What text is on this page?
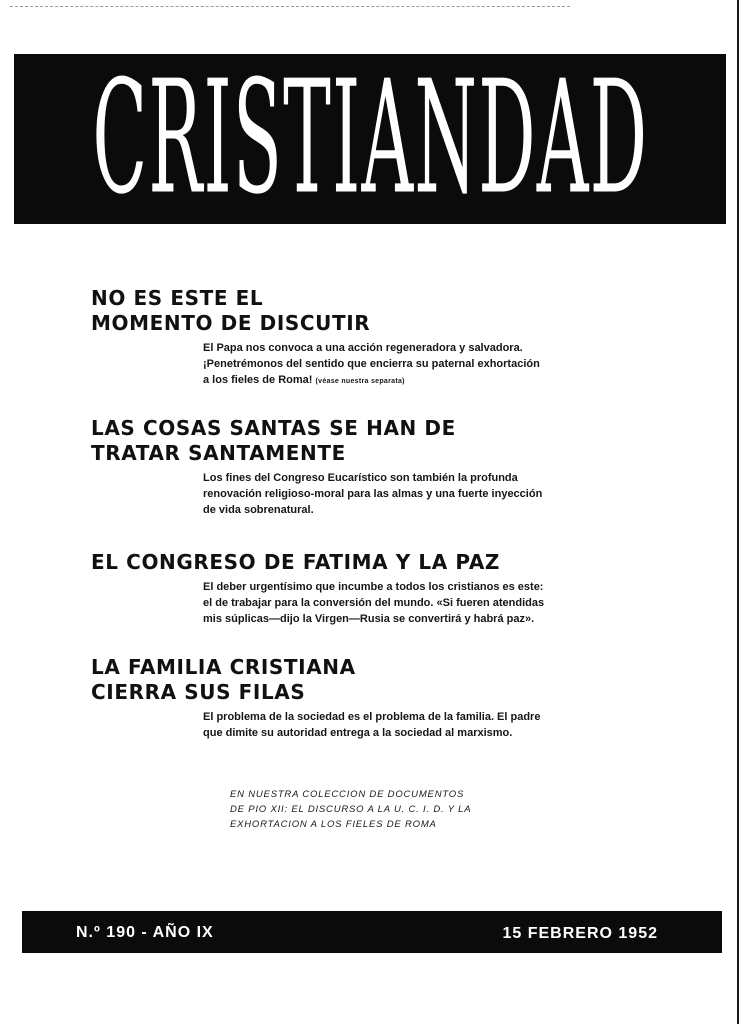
CRISTIANDAD
NO ES ESTE EL
MOMENTO DE DISCUTIR
El Papa nos convoca a una acción regeneradora y salvadora.
¡Penetrémonos del sentido que encierra su paternal exhortación
a los fieles de Roma! (véase nuestra separata)
LAS COSAS SANTAS SE HAN DE
TRATAR SANTAMENTE
Los fines del Congreso Eucarístico son también la profunda
renovación religioso-moral para las almas y una fuerte inyección
de vida sobrenatural.
EL CONGRESO DE FATIMA Y LA PAZ
El deber urgentísimo que incumbe a todos los cristianos es este:
el de trabajar para la conversión del mundo. «Si fueren atendidas
mis súplicas—dijo la Virgen—Rusia se convertirá y habrá paz».
LA FAMILIA CRISTIANA
CIERRA SUS FILAS
El problema de la sociedad es el problema de la familia. El padre
que dimite su autoridad entrega a la sociedad al marxismo.
EN NUESTRA COLECCION DE DOCUMENTOS
DE PIO XII: EL DISCURSO A LA U. C. I. D. Y LA
EXHORTACION A LOS FIELES DE ROMA
N.º 190 - AÑO IX	15 FEBRERO 1952
